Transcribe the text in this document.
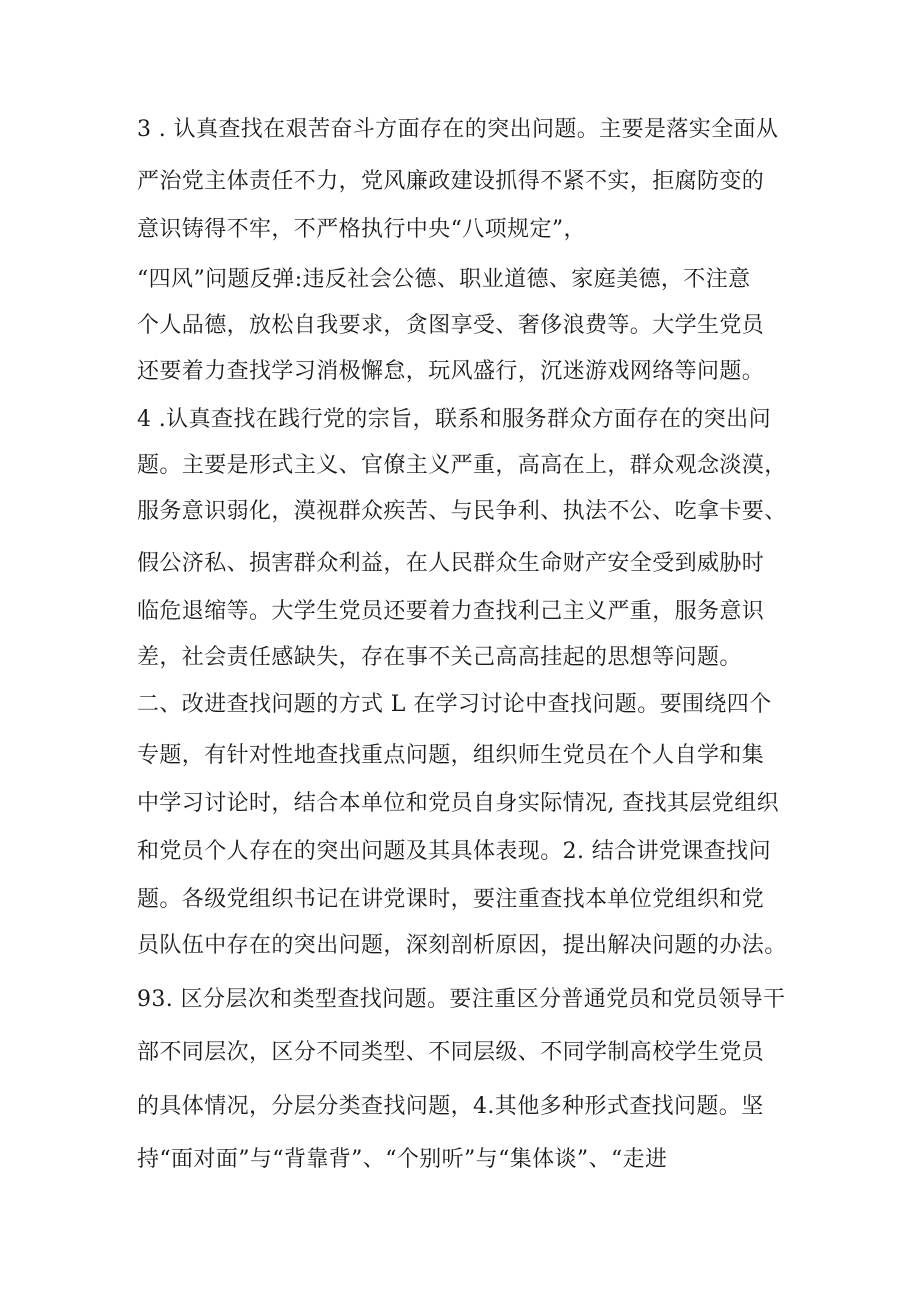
3 . 认真查找在艰苦奋斗方面存在的突出问题。主要是落实全面从
严治党主体责任不力，党风廉政建设抓得不紧不实，拒腐防变的
意识铸得不牢，不严格执行中央“八项规定”，
“四风”问题反弹:违反社会公德、职业道德、家庭美德，不注意
个人品德，放松自我要求，贪图享受、奢侈浪费等。大学生党员
还要着力查找学习消极懈怠，玩风盛行，沉迷游戏网络等问题。
4 .认真查找在践行党的宗旨，联系和服务群众方面存在的突出问
题。主要是形式主义、官僚主义严重，高高在上，群众观念淡漠，
服务意识弱化，漠视群众疾苦、与民争利、执法不公、吃拿卡要、
假公济私、损害群众利益，在人民群众生命财产安全受到威胁时
临危退缩等。大学生党员还要着力查找利己主义严重，服务意识
差，社会责任感缺失，存在事不关己高高挂起的思想等问题。
二、改进查找问题的方式 L 在学习讨论中查找问题。要围绕四个
专题，有针对性地查找重点问题，组织师生党员在个人自学和集
中学习讨论时，结合本单位和党员自身实际情况, 查找其层党组织
和党员个人存在的突出问题及其具体表现。2. 结合讲党课查找问
题。各级党组织书记在讲党课时，要注重查找本单位党组织和党
员队伍中存在的突出问题，深刻剖析原因，提出解决问题的办法。
93. 区分层次和类型查找问题。要注重区分普通党员和党员领导干
部不同层次，区分不同类型、不同层级、不同学制高校学生党员
的具体情况，分层分类查找问题，4.其他多种形式查找问题。坚
持“面对面”与“背靠背”、“个别听”与“集体谈”、“走进
